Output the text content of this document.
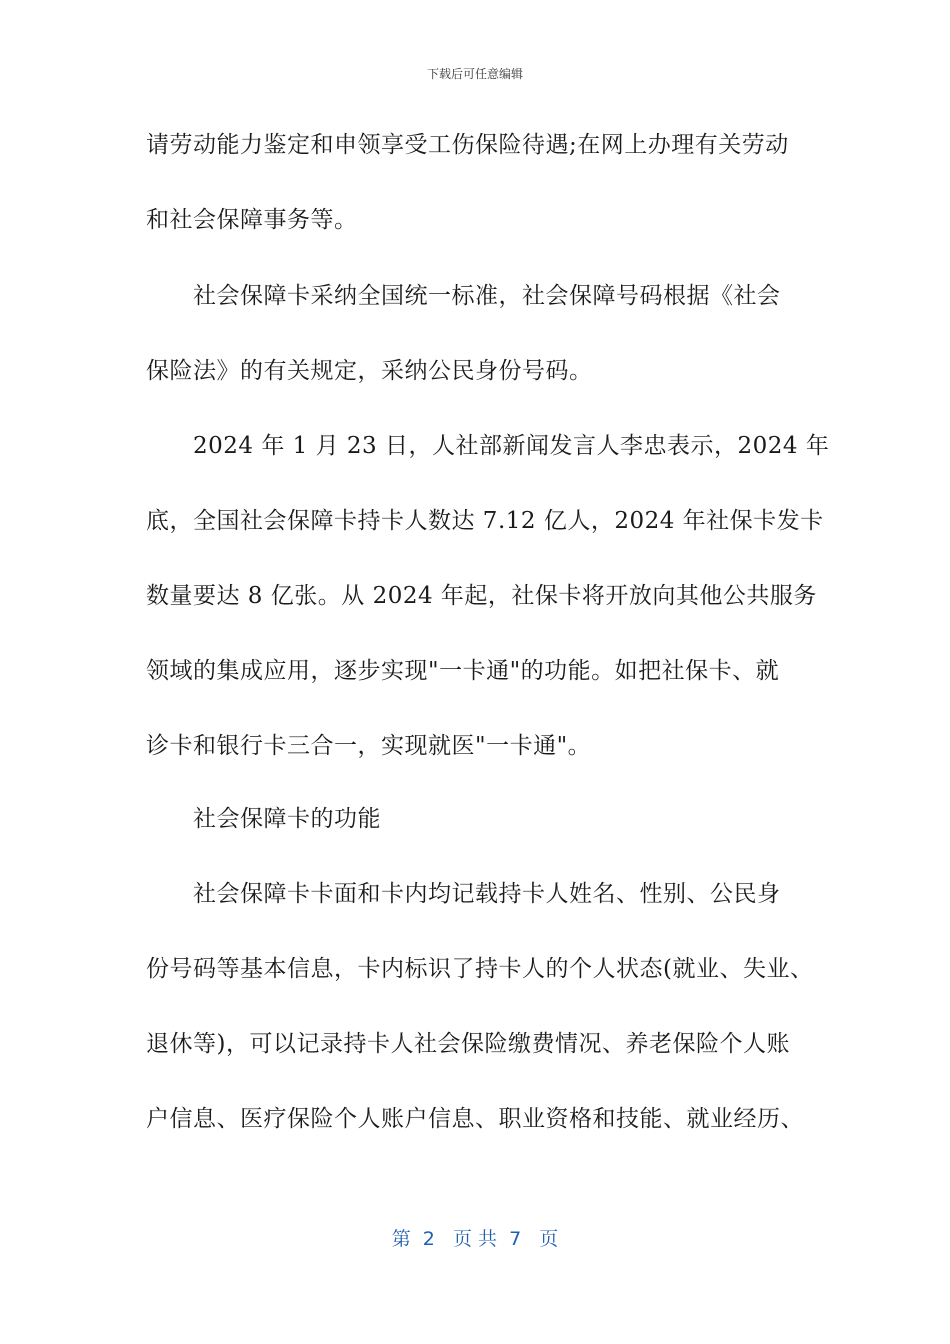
下载后可任意编辑
请劳动能力鉴定和申领享受工伤保险待遇;在网上办理有关劳动
和社会保障事务等。
社会保障卡采纳全国统一标准，社会保障号码根据《社会
保险法》的有关规定，采纳公民身份号码。
2024 年 1 月 23 日，人社部新闻发言人李忠表示，2024 年
底，全国社会保障卡持卡人数达 7.12 亿人，2024 年社保卡发卡
数量要达 8 亿张。从 2024 年起，社保卡将开放向其他公共服务
领域的集成应用，逐步实现"一卡通"的功能。如把社保卡、就
诊卡和银行卡三合一，实现就医"一卡通"。
社会保障卡的功能
社会保障卡卡面和卡内均记载持卡人姓名、性别、公民身
份号码等基本信息，卡内标识了持卡人的个人状态(就业、失业、
退休等)，可以记录持卡人社会保险缴费情况、养老保险个人账
户信息、医疗保险个人账户信息、职业资格和技能、就业经历、
第  2   页 共  7   页
